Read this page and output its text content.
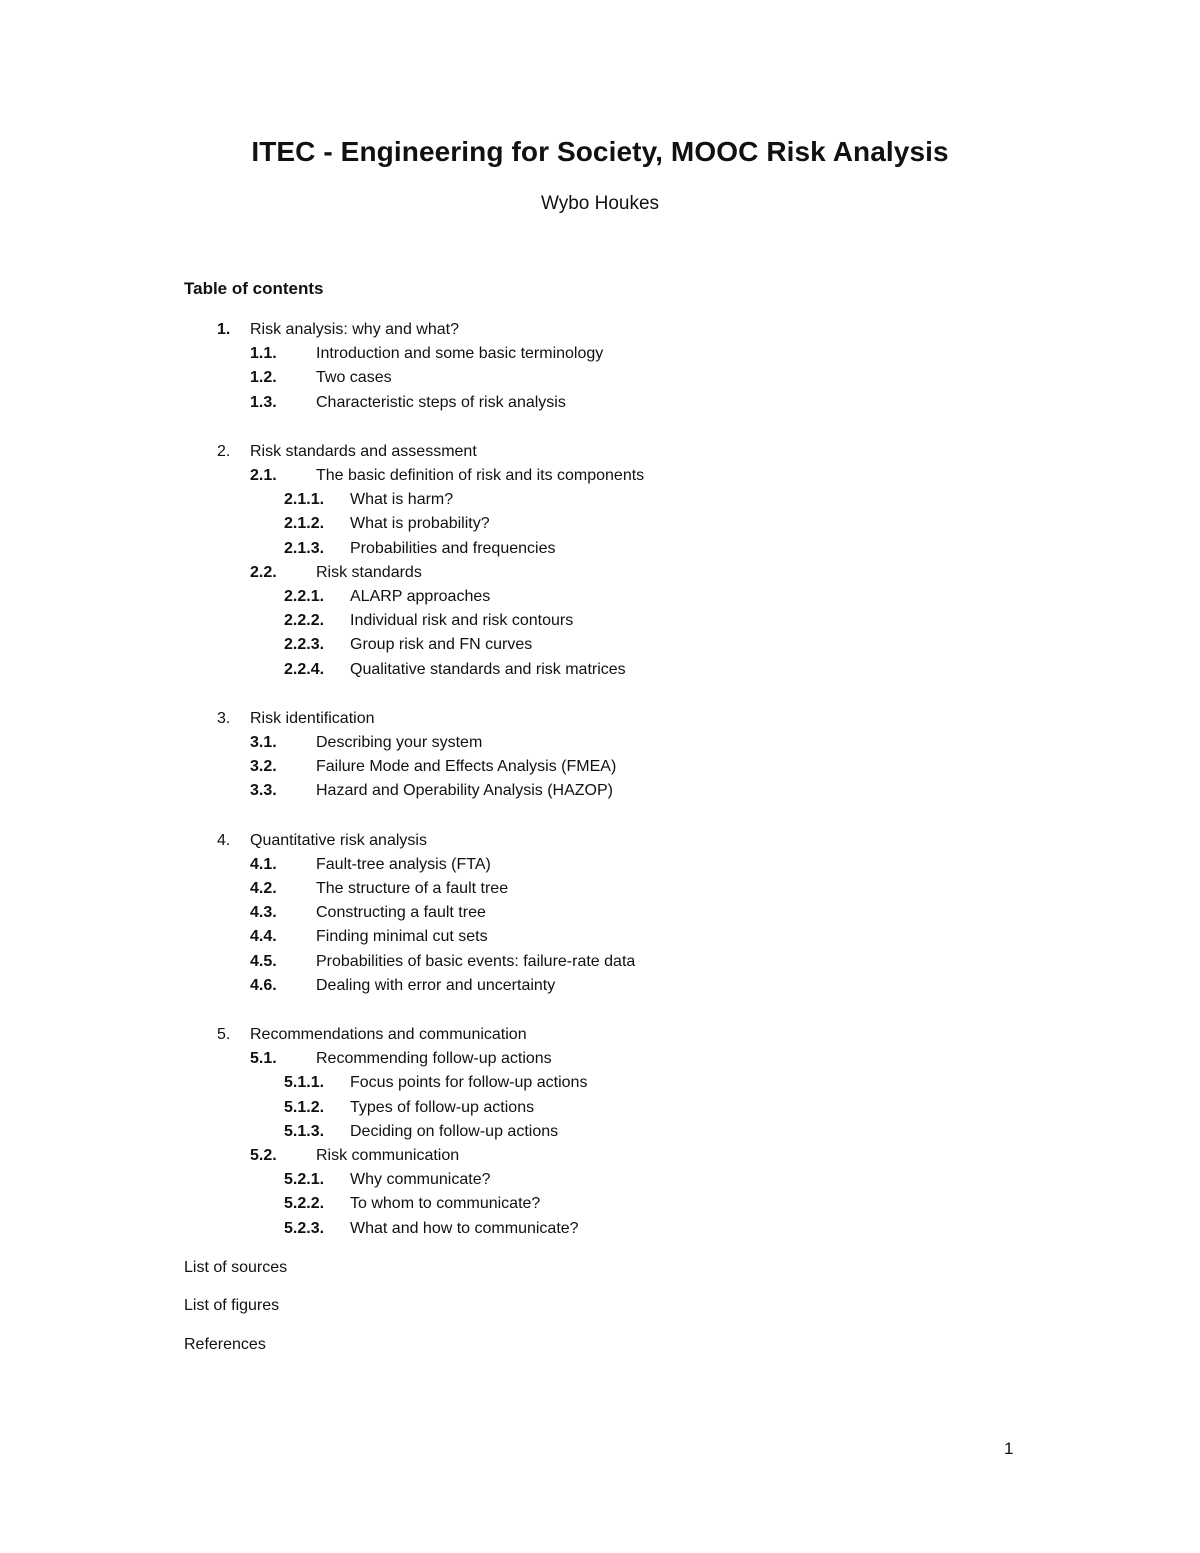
ITEC - Engineering for Society, MOOC Risk Analysis
Wybo Houkes
Table of contents
1. Risk analysis: why and what?
1.1. Introduction and some basic terminology
1.2. Two cases
1.3. Characteristic steps of risk analysis
2. Risk standards and assessment
2.1. The basic definition of risk and its components
2.1.1. What is harm?
2.1.2. What is probability?
2.1.3. Probabilities and frequencies
2.2. Risk standards
2.2.1. ALARP approaches
2.2.2. Individual risk and risk contours
2.2.3. Group risk and FN curves
2.2.4. Qualitative standards and risk matrices
3. Risk identification
3.1. Describing your system
3.2. Failure Mode and Effects Analysis (FMEA)
3.3. Hazard and Operability Analysis (HAZOP)
4. Quantitative risk analysis
4.1. Fault-tree analysis (FTA)
4.2. The structure of a fault tree
4.3. Constructing a fault tree
4.4. Finding minimal cut sets
4.5. Probabilities of basic events: failure-rate data
4.6. Dealing with error and uncertainty
5. Recommendations and communication
5.1. Recommending follow-up actions
5.1.1. Focus points for follow-up actions
5.1.2. Types of follow-up actions
5.1.3. Deciding on follow-up actions
5.2. Risk communication
5.2.1. Why communicate?
5.2.2. To whom to communicate?
5.2.3. What and how to communicate?
List of sources
List of figures
References
1
